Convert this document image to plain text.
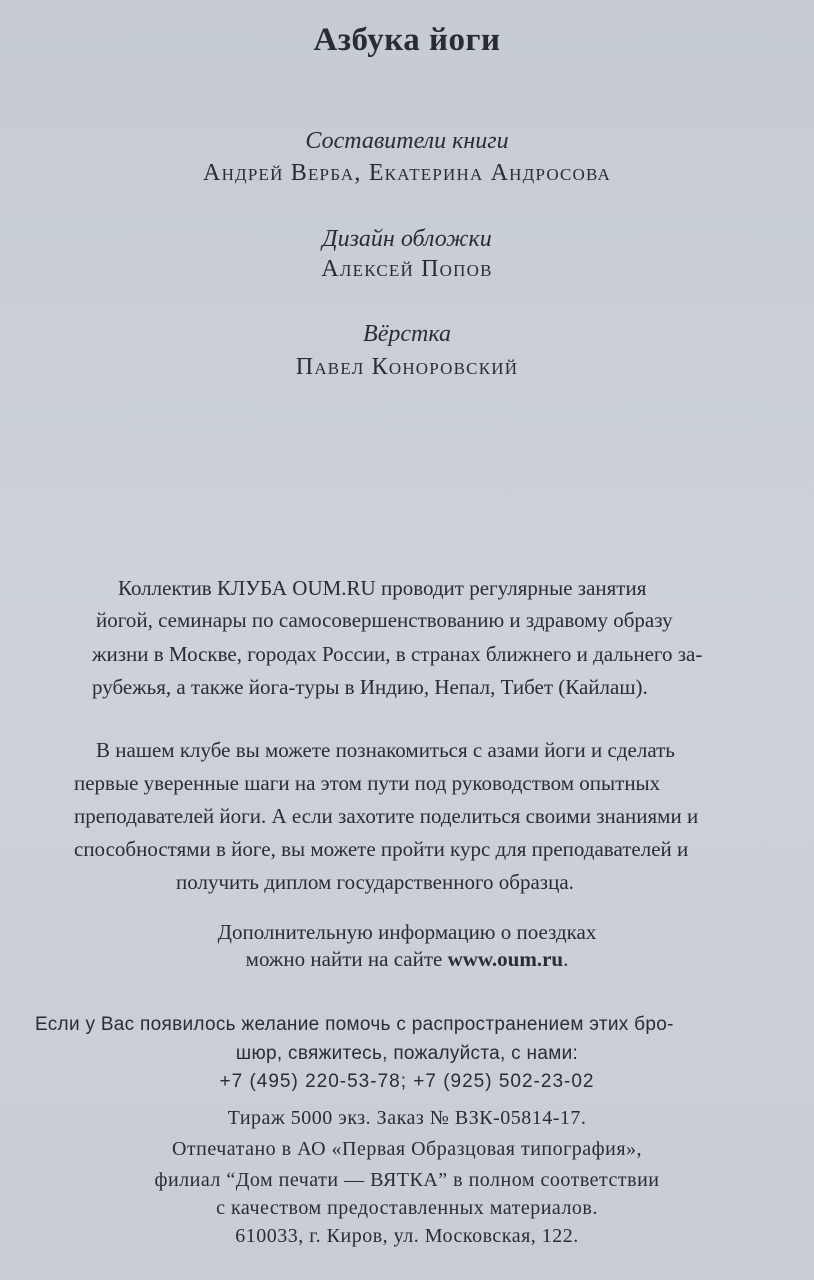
Азбука йоги
Составители книги
Андрей Верба, Екатерина Андросова
Дизайн обложки
Алексей Попов
Вёрстка
Павел Коноровский
Коллектив КЛУБА OUM.RU проводит регулярные занятия
йогой, семинары по самосовершенствованию и здравому образу
жизни в Москве, городах России, в странах ближнего и дальнего за-
рубежья, а также йога-туры в Индию, Непал, Тибет (Кайлаш).
В нашем клубе вы можете познакомиться с азами йоги и сделать
первые уверенные шаги на этом пути под руководством опытных
преподавателей йоги. А если захотите поделиться своими знаниями и
способностями в йоге, вы можете пройти курс для преподавателей и
получить диплом государственного образца.
Дополнительную информацию о поездках
можно найти на сайте www.oum.ru.
Если у Вас появилось желание помочь с распространением этих бро-
шюр, свяжитесь, пожалуйста, с нами:
+7 (495) 220-53-78; +7 (925) 502-23-02
Тираж 5000 экз. Заказ № ВЗК-05814-17.
Отпечатано в АО «Первая Образцовая типография»,
филиал “Дом печати — ВЯТКА” в полном соответствии
с качеством предоставленных материалов.
610033, г. Киров, ул. Московская, 122.
